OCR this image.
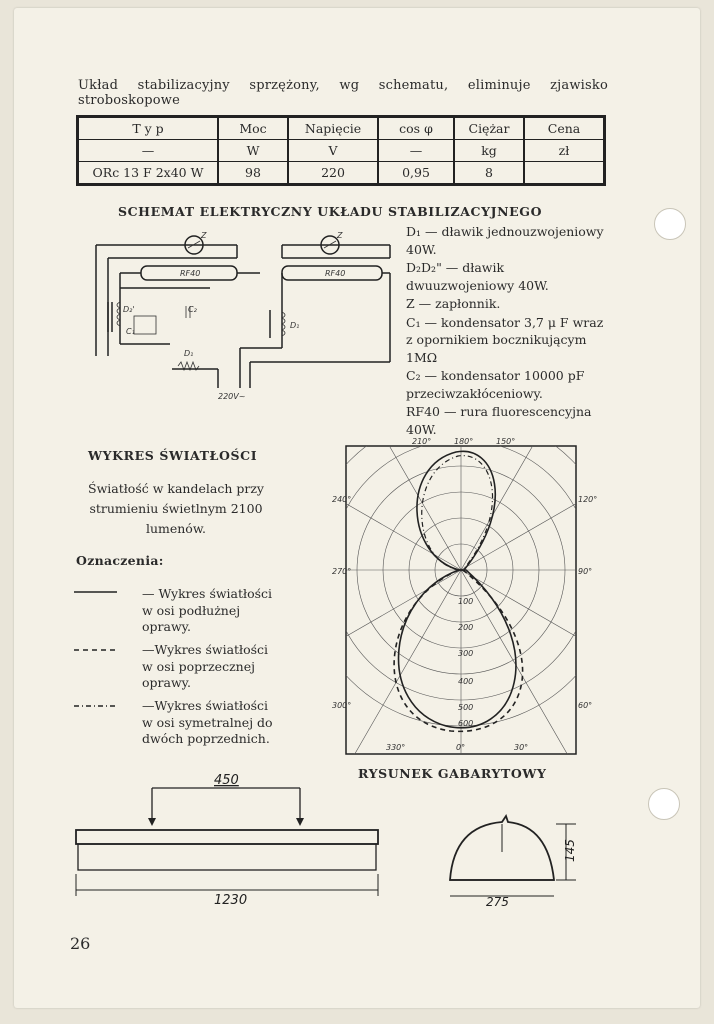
Układ stabilizacyjny sprzężony, wg schematu, eliminuje zjawisko stroboskopowe
T y p	Moc	Napięcie	cos φ	Ciężar	Cena
—	W	V	—	kg	zł
ORc 13 F 2x40 W	98	220	0,95	8	
SCHEMAT ELEKTRYCZNY UKŁADU STABILIZACYJNEGO
Z
RF40
D₂'	C₂
C₁
D₁
Z
RF40
D₁
220V~
D₁ — dławik jednouzwojeniowy 40W.
D₂D₂" — dławik dwuuzwojeniowy 40W.
Z — zapłonnik.
C₁ — kondensator 3,7 μ F wraz z opornikiem bocznikującym 1MΩ
C₂ — kondensator 10000 pF przeciwzakłóceniowy.
RF40 — rura fluorescencyjna 40W.
WYKRES ŚWIATŁOŚCI
Światłość w kandelach przy strumieniu świetlnym 2100 lumenów.
Oznaczenia:
— Wykres światłości w osi podłużnej oprawy.
—Wykres światłości w osi poprzecznej oprawy.
—Wykres światłości w osi symetralnej do dwóch poprzednich.
210°	180°	150°
330°	0°	30°
240°
270°
300°
120°
90°
60°
100
200
300
400
500
600
RYSUNEK GABARYTOWY
450
1230
145
275
26
